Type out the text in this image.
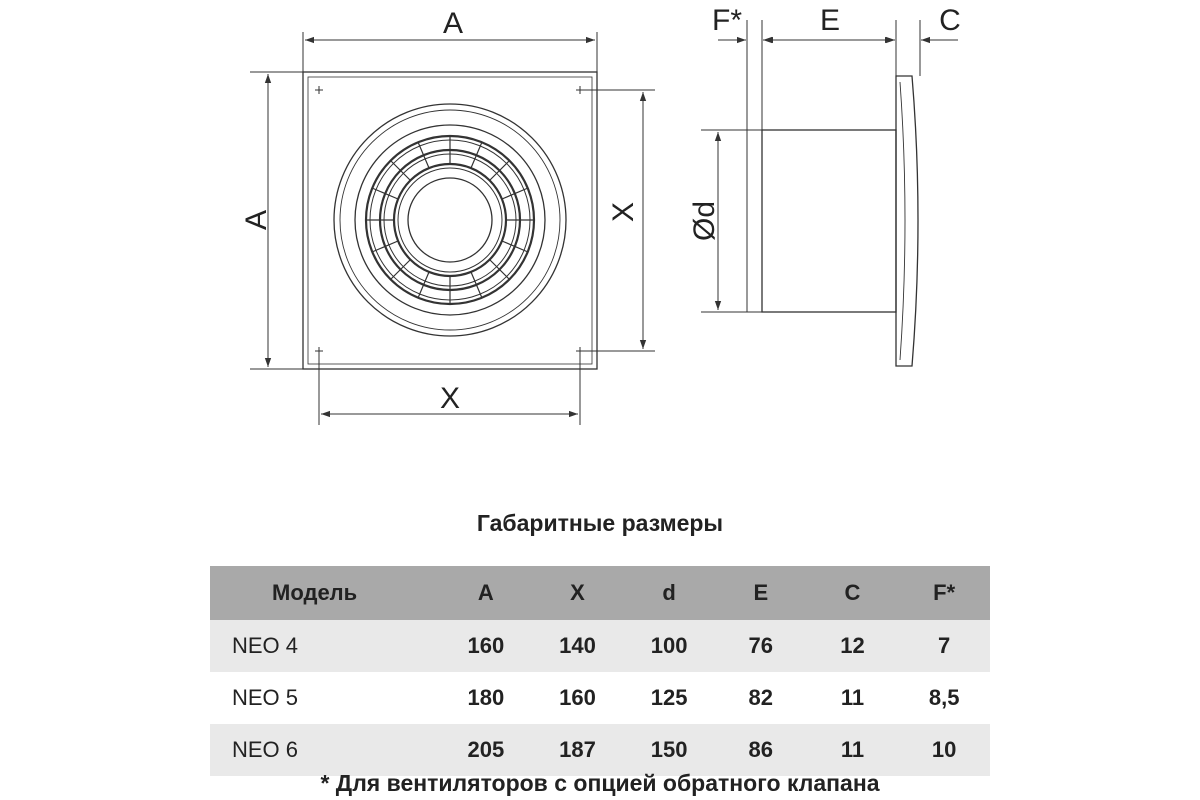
A
A	X
X
F*	E	C
Ød
Габаритные размеры
Модель	A	X	d	E	C	F*
NEO 4	160	140	100	76	12	7
NEO 5	180	160	125	82	11	8,5
NEO 6	205	187	150	86	11	10
* Для вентиляторов с опцией обратного клапана
